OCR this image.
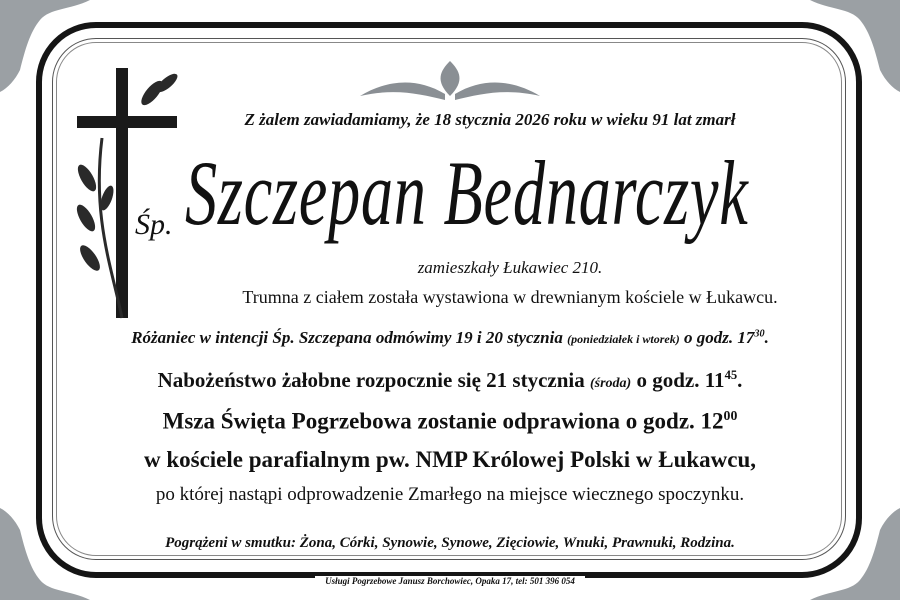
Z żalem zawiadamiamy, że 18 stycznia 2026 roku w wieku 91 lat zmarł
Śp. Szczepan Bednarczyk
zamieszkały Łukawiec 210.
Trumna z ciałem została wystawiona w drewnianym kościele w Łukawcu.
Różaniec w intencji Śp. Szczepana odmówimy 19 i 20 stycznia (poniedziałek i wtorek) o godz. $17^{30}$.
Nabożeństwo żałobne rozpocznie się 21 stycznia (środa) o godz. $11^{45}$.
Msza Święta Pogrzebowa zostanie odprawiona o godz. $12^{00}$
w kościele parafialnym pw. NMP Królowej Polski w Łukawcu,
po której nastąpi odprowadzenie Zmarłego na miejsce wiecznego spoczynku.
Pogrążeni w smutku: Żona, Córki, Synowie, Synowe, Zięciowie, Wnuki, Prawnuki, Rodzina.
Usługi Pogrzebowe Janusz Borchowiec, Opaka 17, tel: 501 396 054
